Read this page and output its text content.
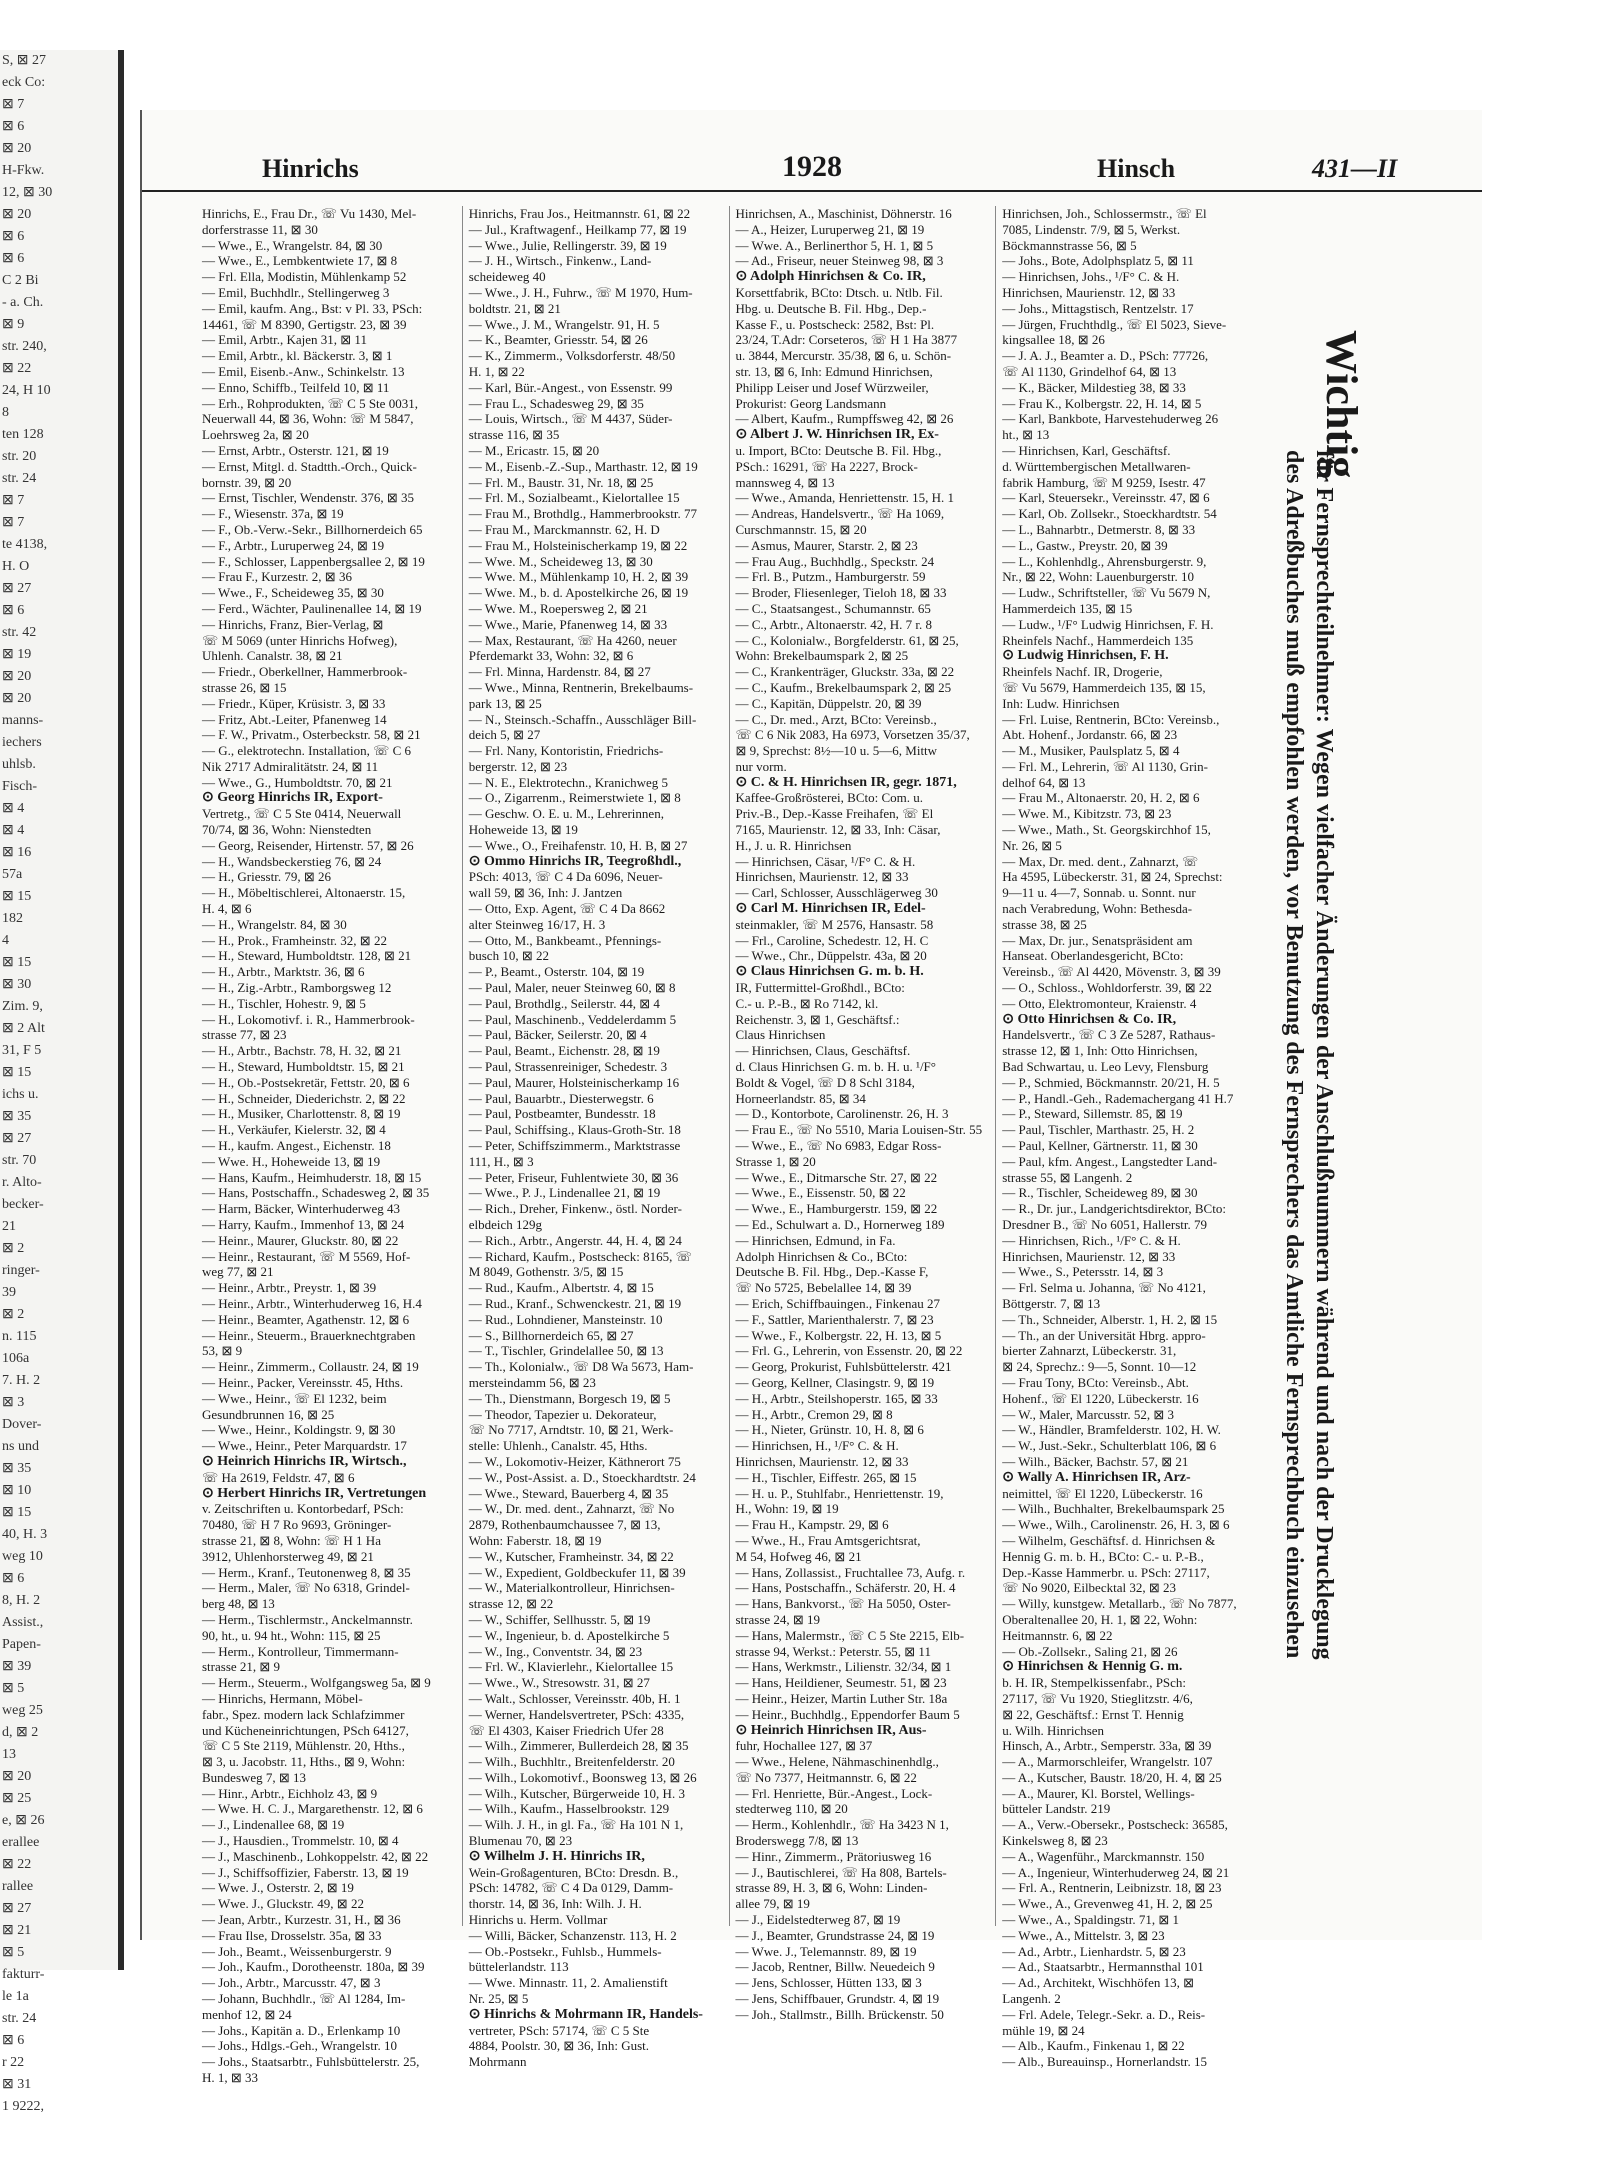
S, ⊠ 27
eck Co:
⊠ 7
⊠ 6
⊠ 20
H-Fkw.
12, ⊠ 30
⊠ 20
⊠ 6
⊠ 6
C 2 Bi
- a. Ch.
⊠ 9
str. 240,
⊠ 22
24, H 10
8
ten 128
str. 20
str. 24
⊠ 7
⊠ 7
te 4138,
H. O
⊠ 27
⊠ 6
str. 42
⊠ 19
⊠ 20
⊠ 20
manns-
iechers
uhlsb.
Fisch-
⊠ 4
⊠ 4
⊠ 16
57a
⊠ 15
182
4
⊠ 15
⊠ 30
Zim. 9,
⊠ 2 Alt
31, F 5
⊠ 15
ichs u.
⊠ 35
⊠ 27
str. 70
r. Alto-
becker-
21
⊠ 2
ringer-
39
⊠ 2
n. 115
106a
7. H. 2
⊠ 3
Dover-
ns und
⊠ 35
⊠ 10
⊠ 15
40, H. 3
weg 10
⊠ 6
8, H. 2
Assist.,
Papen-
⊠ 39
⊠ 5
weg 25
d, ⊠ 2
13
⊠ 20
⊠ 25
e, ⊠ 26
erallee
⊠ 22
rallee
⊠ 27
⊠ 21
⊠ 5
fakturr-
le 1a
str. 24
⊠ 6
r 22
⊠ 31
1 9222,
Hinrichs	1928	Hinsch	431—II
Hinrichs, E., Frau Dr., ☏ Vu 1430, Mel-
dorferstrasse 11, ⊠ 30
— Wwe., E., Wrangelstr. 84, ⊠ 30
— Wwe., E., Lembkentwiete 17, ⊠ 8
— Frl. Ella, Modistin, Mühlenkamp 52
— Emil, Buchhdlr., Stellingerweg 3
— Emil, kaufm. Ang., Bst: v Pl. 33, PSch:
14461, ☏ M 8390, Gertigstr. 23, ⊠ 39
— Emil, Arbtr., Kajen 31, ⊠ 11
— Emil, Arbtr., kl. Bäckerstr. 3, ⊠ 1
— Emil, Eisenb.-Anw., Schinkelstr. 13
— Enno, Schiffb., Teilfeld 10, ⊠ 11
— Erh., Rohprodukten, ☏ C 5 Ste 0031,
Neuerwall 44, ⊠ 36, Wohn: ☏ M 5847,
Loehrsweg 2a, ⊠ 20
— Ernst, Arbtr., Osterstr. 121, ⊠ 19
— Ernst, Mitgl. d. Stadtth.-Orch., Quick-
bornstr. 39, ⊠ 20
— Ernst, Tischler, Wendenstr. 376, ⊠ 35
— F., Wiesenstr. 37a, ⊠ 19
— F., Ob.-Verw.-Sekr., Billhornerdeich 65
— F., Arbtr., Luruperweg 24, ⊠ 19
— F., Schlosser, Lappenbergsallee 2, ⊠ 19
— Frau F., Kurzestr. 2, ⊠ 36
— Wwe., F., Scheideweg 35, ⊠ 30
— Ferd., Wächter, Paulinenallee 14, ⊠ 19
— Hinrichs, Franz, Bier-Verlag, ⊠
☏ M 5069 (unter Hinrichs Hofweg),
Uhlenh. Canalstr. 38, ⊠ 21
— Friedr., Oberkellner, Hammerbrook-
strasse 26, ⊠ 15
— Friedr., Küper, Krüsistr. 3, ⊠ 33
— Fritz, Abt.-Leiter, Pfanenweg 14
— F. W., Privatm., Osterbeckstr. 58, ⊠ 21
— G., elektrotechn. Installation, ☏ C 6
Nik 2717 Admiralitätstr. 24, ⊠ 11
— Wwe., G., Humboldtstr. 70, ⊠ 21
⊙ Georg Hinrichs IR, Export-
Vertretg., ☏ C 5 Ste 0414, Neuerwall
70/74, ⊠ 36, Wohn: Nienstedten
— Georg, Reisender, Hirtenstr. 57, ⊠ 26
— H., Wandsbeckerstieg 76, ⊠ 24
— H., Griesstr. 79, ⊠ 26
— H., Möbeltischlerei, Altonaerstr. 15,
H. 4, ⊠ 6
— H., Wrangelstr. 84, ⊠ 30
— H., Prok., Framheinstr. 32, ⊠ 22
— H., Steward, Humboldtstr. 128, ⊠ 21
— H., Arbtr., Marktstr. 36, ⊠ 6
— H., Zig.-Arbtr., Ramborgsweg 12
— H., Tischler, Hohestr. 9, ⊠ 5
— H., Lokomotivf. i. R., Hammerbrook-
strasse 77, ⊠ 23
— H., Arbtr., Bachstr. 78, H. 32, ⊠ 21
— H., Steward, Humboldtstr. 15, ⊠ 21
— H., Ob.-Postsekretär, Fettstr. 20, ⊠ 6
— H., Schneider, Diederichstr. 2, ⊠ 22
— H., Musiker, Charlottenstr. 8, ⊠ 19
— H., Verkäufer, Kielerstr. 32, ⊠ 4
— H., kaufm. Angest., Eichenstr. 18
— Wwe. H., Hoheweide 13, ⊠ 19
— Hans, Kaufm., Heimhuderstr. 18, ⊠ 15
— Hans, Postschaffn., Schadesweg 2, ⊠ 35
— Harm, Bäcker, Winterhuderweg 43
— Harry, Kaufm., Immenhof 13, ⊠ 24
— Heinr., Maurer, Gluckstr. 80, ⊠ 22
— Heinr., Restaurant, ☏ M 5569, Hof-
weg 77, ⊠ 21
— Heinr., Arbtr., Preystr. 1, ⊠ 39
— Heinr., Arbtr., Winterhuderweg 16, H.4
— Heinr., Beamter, Agathenstr. 12, ⊠ 6
— Heinr., Steuerm., Brauerknechtgraben
53, ⊠ 9
— Heinr., Zimmerm., Collaustr. 24, ⊠ 19
— Heinr., Packer, Vereinsstr. 45, Hths.
— Wwe., Heinr., ☏ El 1232, beim
Gesundbrunnen 16, ⊠ 25
— Wwe., Heinr., Koldingstr. 9, ⊠ 30
— Wwe., Heinr., Peter Marquardstr. 17
⊙ Heinrich Hinrichs IR, Wirtsch.,
☏ Ha 2619, Feldstr. 47, ⊠ 6
⊙ Herbert Hinrichs IR, Vertretungen
v. Zeitschriften u. Kontorbedarf, PSch:
70480, ☏ H 7 Ro 9693, Gröninger-
strasse 21, ⊠ 8, Wohn: ☏ H 1 Ha
3912, Uhlenhorsterweg 49, ⊠ 21
— Herm., Kranf., Teutonenweg 8, ⊠ 35
— Herm., Maler, ☏ No 6318, Grindel-
berg 48, ⊠ 13
— Herm., Tischlermstr., Anckelmannstr.
90, ht., u. 94 ht., Wohn: 115, ⊠ 25
— Herm., Kontrolleur, Timmermann-
strasse 21, ⊠ 9
— Herm., Steuerm., Wolfgangsweg 5a, ⊠ 9
— Hinrichs, Hermann, Möbel-
fabr., Spez. modern lack Schlafzimmer
und Kücheneinrichtungen, PSch 64127,
☏ C 5 Ste 2119, Mühlenstr. 20, Hths.,
⊠ 3, u. Jacobstr. 11, Hths., ⊠ 9, Wohn:
Bundesweg 7, ⊠ 13
— Hinr., Arbtr., Eichholz 43, ⊠ 9
— Wwe. H. C. J., Margarethenstr. 12, ⊠ 6
— J., Lindenallee 68, ⊠ 19
— J., Hausdien., Trommelstr. 10, ⊠ 4
— J., Maschinenb., Lohkoppelstr. 42, ⊠ 22
— J., Schiffsoffizier, Faberstr. 13, ⊠ 19
— Wwe. J., Osterstr. 2, ⊠ 19
— Wwe. J., Gluckstr. 49, ⊠ 22
— Jean, Arbtr., Kurzestr. 31, H., ⊠ 36
— Frau Ilse, Drosselstr. 35a, ⊠ 33
— Joh., Beamt., Weissenburgerstr. 9
— Joh., Kaufm., Dorotheenstr. 180a, ⊠ 39
— Joh., Arbtr., Marcusstr. 47, ⊠ 3
— Johann, Buchhdlr., ☏ Al 1284, Im-
menhof 12, ⊠ 24
— Johs., Kapitän a. D., Erlenkamp 10
— Johs., Hdlgs.-Geh., Wrangelstr. 10
— Johs., Staatsarbtr., Fuhlsbüttelerstr. 25,
H. 1, ⊠ 33
Hinrichs, Frau Jos., Heitmannstr. 61, ⊠ 22
— Jul., Kraftwagenf., Heilkamp 77, ⊠ 19
— Wwe., Julie, Rellingerstr. 39, ⊠ 19
— J. H., Wirtsch., Finkenw., Land-
scheideweg 40
— Wwe., J. H., Fuhrw., ☏ M 1970, Hum-
boldtstr. 21, ⊠ 21
— Wwe., J. M., Wrangelstr. 91, H. 5
— K., Beamter, Griesstr. 54, ⊠ 26
— K., Zimmerm., Volksdorferstr. 48/50
H. 1, ⊠ 22
— Karl, Bür.-Angest., von Essenstr. 99
— Frau L., Schadesweg 29, ⊠ 35
— Louis, Wirtsch., ☏ M 4437, Süder-
strasse 116, ⊠ 35
— M., Ericastr. 15, ⊠ 20
— M., Eisenb.-Z.-Sup., Marthastr. 12, ⊠ 19
— Frl. M., Baustr. 31, Nr. 18, ⊠ 25
— Frl. M., Sozialbeamt., Kielortallee 15
— Frau M., Brothdlg., Hammerbrookstr. 77
— Frau M., Marckmannstr. 62, H. D
— Frau M., Holsteinischerkamp 19, ⊠ 22
— Wwe. M., Scheideweg 13, ⊠ 30
— Wwe. M., Mühlenkamp 10, H. 2, ⊠ 39
— Wwe. M., b. d. Apostelkirche 26, ⊠ 19
— Wwe. M., Roepersweg 2, ⊠ 21
— Wwe., Marie, Pfanenweg 14, ⊠ 33
— Max, Restaurant, ☏ Ha 4260, neuer
Pferdemarkt 33, Wohn: 32, ⊠ 6
— Frl. Minna, Hardenstr. 84, ⊠ 27
— Wwe., Minna, Rentnerin, Brekelbaums-
park 13, ⊠ 25
— N., Steinsch.-Schaffn., Ausschläger Bill-
deich 5, ⊠ 27
— Frl. Nany, Kontoristin, Friedrichs-
bergerstr. 12, ⊠ 23
— N. E., Elektrotechn., Kranichweg 5
— O., Zigarrenm., Reimerstwiete 1, ⊠ 8
— Geschw. O. E. u. M., Lehrerinnen,
Hoheweide 13, ⊠ 19
— Wwe., O., Freihafenstr. 10, H. B, ⊠ 27
⊙ Ommo Hinrichs IR, Teegroßhdl.,
PSch: 4013, ☏ C 4 Da 6096, Neuer-
wall 59, ⊠ 36, Inh: J. Jantzen
— Otto, Exp. Agent, ☏ C 4 Da 8662
alter Steinweg 16/17, H. 3
— Otto, M., Bankbeamt., Pfennings-
busch 10, ⊠ 22
— P., Beamt., Osterstr. 104, ⊠ 19
— Paul, Maler, neuer Steinweg 60, ⊠ 8
— Paul, Brothdlg., Seilerstr. 44, ⊠ 4
— Paul, Maschinenb., Veddelerdamm 5
— Paul, Bäcker, Seilerstr. 20, ⊠ 4
— Paul, Beamt., Eichenstr. 28, ⊠ 19
— Paul, Strassenreiniger, Schedestr. 3
— Paul, Maurer, Holsteinischerkamp 16
— Paul, Bauarbtr., Diesterwegstr. 6
— Paul, Postbeamter, Bundesstr. 18
— Paul, Schiffsing., Klaus-Groth-Str. 18
— Peter, Schiffszimmerm., Marktstrasse
111, H., ⊠ 3
— Peter, Friseur, Fuhlentwiete 30, ⊠ 36
— Wwe., P. J., Lindenallee 21, ⊠ 19
— Rich., Dreher, Finkenw., östl. Norder-
elbdeich 129g
— Rich., Arbtr., Angerstr. 44, H. 4, ⊠ 24
— Richard, Kaufm., Postscheck: 8165, ☏
M 8049, Gothenstr. 3/5, ⊠ 15
— Rud., Kaufm., Albertstr. 4, ⊠ 15
— Rud., Kranf., Schwenckestr. 21, ⊠ 19
— Rud., Lohndiener, Mansteinstr. 10
— S., Billhornerdeich 65, ⊠ 27
— T., Tischler, Grindelallee 50, ⊠ 13
— Th., Kolonialw., ☏ D8 Wa 5673, Ham-
mersteindamm 56, ⊠ 23
— Th., Dienstmann, Borgesch 19, ⊠ 5
— Theodor, Tapezier u. Dekorateur,
☏ No 7717, Arndtstr. 10, ⊠ 21, Werk-
stelle: Uhlenh., Canalstr. 45, Hths.
— W., Lokomotiv-Heizer, Käthnerort 75
— W., Post-Assist. a. D., Stoeckhardtstr. 24
— Wwe., Steward, Bauerberg 4, ⊠ 35
— W., Dr. med. dent., Zahnarzt, ☏ No
2879, Rothenbaumchaussee 7, ⊠ 13,
Wohn: Faberstr. 18, ⊠ 19
— W., Kutscher, Framheinstr. 34, ⊠ 22
— W., Expedient, Goldbeckufer 11, ⊠ 39
— W., Materialkontrolleur, Hinrichsen-
strasse 12, ⊠ 22
— W., Schiffer, Sellhusstr. 5, ⊠ 19
— W., Ingenieur, b. d. Apostelkirche 5
— W., Ing., Conventstr. 34, ⊠ 23
— Frl. W., Klavierlehr., Kielortallee 15
— Wwe., W., Stresowstr. 31, ⊠ 27
— Walt., Schlosser, Vereinsstr. 40b, H. 1
— Werner, Handelsvertreter, PSch: 4335,
☏ El 4303, Kaiser Friedrich Ufer 28
— Wilh., Zimmerer, Bullerdeich 28, ⊠ 35
— Wilh., Buchhltr., Breitenfelderstr. 20
— Wilh., Lokomotivf., Boonsweg 13, ⊠ 26
— Wilh., Kutscher, Bürgerweide 10, H. 3
— Wilh., Kaufm., Hasselbrookstr. 129
— Wilh. J. H., in gl. Fa., ☏ Ha 101 N 1,
Blumenau 70, ⊠ 23
⊙ Wilhelm J. H. Hinrichs IR,
Wein-Großagenturen, BCto: Dresdn. B.,
PSch: 14782, ☏ C 4 Da 0129, Damm-
thorstr. 14, ⊠ 36, Inh: Wilh. J. H.
Hinrichs u. Herm. Vollmar
— Willi, Bäcker, Schanzenstr. 113, H. 2
— Ob.-Postsekr., Fuhlsb., Hummels-
büttelerlandstr. 113
— Wwe. Minnastr. 11, 2. Amalienstift
Nr. 25, ⊠ 5
⊙ Hinrichs & Mohrmann IR, Handels-
vertreter, PSch: 57174, ☏ C 5 Ste
4884, Poolstr. 30, ⊠ 36, Inh: Gust.
Mohrmann
Hinrichsen, A., Maschinist, Döhnerstr. 16
— A., Heizer, Luruperweg 21, ⊠ 19
— Wwe. A., Berlinerthor 5, H. 1, ⊠ 5
— Ad., Friseur, neuer Steinweg 98, ⊠ 3
⊙ Adolph Hinrichsen & Co. IR,
Korsettfabrik, BCto: Dtsch. u. Ntlb. Fil.
Hbg. u. Deutsche B. Fil. Hbg., Dep.-
Kasse F., u. Postscheck: 2582, Bst: Pl.
23/24, T.Adr: Corseteros, ☏ H 1 Ha 3877
u. 3844, Mercurstr. 35/38, ⊠ 6, u. Schön-
str. 13, ⊠ 6, Inh: Edmund Hinrichsen,
Philipp Leiser und Josef Würzweiler,
Prokurist: Georg Landsmann
— Albert, Kaufm., Rumpffsweg 42, ⊠ 26
⊙ Albert J. W. Hinrichsen IR, Ex-
u. Import, BCto: Deutsche B. Fil. Hbg.,
PSch.: 16291, ☏ Ha 2227, Brock-
mannsweg 4, ⊠ 13
— Wwe., Amanda, Henriettenstr. 15, H. 1
— Andreas, Handelsvertr., ☏ Ha 1069,
Curschmannstr. 15, ⊠ 20
— Asmus, Maurer, Starstr. 2, ⊠ 23
— Frau Aug., Buchhdlg., Speckstr. 24
— Frl. B., Putzm., Hamburgerstr. 59
— Broder, Fliesenleger, Tieloh 18, ⊠ 33
— C., Staatsangest., Schumannstr. 65
— C., Arbtr., Altonaerstr. 42, H. 7 r. 8
— C., Kolonialw., Borgfelderstr. 61, ⊠ 25,
Wohn: Brekelbaumspark 2, ⊠ 25
— C., Krankenträger, Gluckstr. 33a, ⊠ 22
— C., Kaufm., Brekelbaumspark 2, ⊠ 25
— C., Kapitän, Düppelstr. 20, ⊠ 39
— C., Dr. med., Arzt, BCto: Vereinsb.,
☏ C 6 Nik 2083, Ha 6973, Vorsetzen 35/37,
⊠ 9, Sprechst: 8½—10 u. 5—6, Mittw
nur vorm.
⊙ C. & H. Hinrichsen IR, gegr. 1871,
Kaffee-Großrösterei, BCto: Com. u.
Priv.-B., Dep.-Kasse Freihafen, ☏ El
7165, Maurienstr. 12, ⊠ 33, Inh: Cäsar,
H., J. u. R. Hinrichsen
— Hinrichsen, Cäsar, ¹/F° C. & H.
Hinrichsen, Maurienstr. 12, ⊠ 33
— Carl, Schlosser, Ausschlägerweg 30
⊙ Carl M. Hinrichsen IR, Edel-
steinmakler, ☏ M 2576, Hansastr. 58
— Frl., Caroline, Schedestr. 12, H. C
— Wwe., Chr., Düppelstr. 43a, ⊠ 20
⊙ Claus Hinrichsen G. m. b. H.
IR, Futtermittel-Großhdl., BCto:
C.- u. P.-B., ⊠ Ro 7142, kl.
Reichenstr. 3, ⊠ 1, Geschäftsf.:
Claus Hinrichsen
— Hinrichsen, Claus, Geschäftsf.
d. Claus Hinrichsen G. m. b. H. u. ¹/F°
Boldt & Vogel, ☏ D 8 Schl 3184,
Horneerlandstr. 85, ⊠ 34
— D., Kontorbote, Carolinenstr. 26, H. 3
— Frau E., ☏ No 5510, Maria Louisen-Str. 55
— Wwe., E., ☏ No 6983, Edgar Ross-
Strasse 1, ⊠ 20
— Wwe., E., Ditmarsche Str. 27, ⊠ 22
— Wwe., E., Eissenstr. 50, ⊠ 22
— Wwe., E., Hamburgerstr. 159, ⊠ 22
— Ed., Schulwart a. D., Hornerweg 189
— Hinrichsen, Edmund, in Fa.
Adolph Hinrichsen & Co., BCto:
Deutsche B. Fil. Hbg., Dep.-Kasse F,
☏ No 5725, Bebelallee 14, ⊠ 39
— Erich, Schiffbauingen., Finkenau 27
— F., Sattler, Marienthalerstr. 7, ⊠ 23
— Wwe., F., Kolbergstr. 22, H. 13, ⊠ 5
— Frl. G., Lehrerin, von Essenstr. 20, ⊠ 22
— Georg, Prokurist, Fuhlsbüttelerstr. 421
— Georg, Kellner, Clasingstr. 9, ⊠ 19
— H., Arbtr., Steilshoperstr. 165, ⊠ 33
— H., Arbtr., Cremon 29, ⊠ 8
— H., Nieter, Grünstr. 10, H. 8, ⊠ 6
— Hinrichsen, H., ¹/F° C. & H.
Hinrichsen, Maurienstr. 12, ⊠ 33
— H., Tischler, Eiffestr. 265, ⊠ 15
— H. u. P., Stuhlfabr., Henriettenstr. 19,
H., Wohn: 19, ⊠ 19
— Frau H., Kampstr. 29, ⊠ 6
— Wwe., H., Frau Amtsgerichtsrat,
M 54, Hofweg 46, ⊠ 21
— Hans, Zollassist., Fruchtallee 73, Aufg. r.
— Hans, Postschaffn., Schäferstr. 20, H. 4
— Hans, Bankvorst., ☏ Ha 5050, Oster-
strasse 24, ⊠ 19
— Hans, Malermstr., ☏ C 5 Ste 2215, Elb-
strasse 94, Werkst.: Peterstr. 55, ⊠ 11
— Hans, Werkmstr., Lilienstr. 32/34, ⊠ 1
— Hans, Heildiener, Seumestr. 51, ⊠ 23
— Heinr., Heizer, Martin Luther Str. 18a
— Heinr., Buchhdlg., Eppendorfer Baum 5
⊙ Heinrich Hinrichsen IR, Aus-
fuhr, Hochallee 127, ⊠ 37
— Wwe., Helene, Nähmaschinenhdlg.,
☏ No 7377, Heitmannstr. 6, ⊠ 22
— Frl. Henriette, Bür.-Angest., Lock-
stedterweg 110, ⊠ 20
— Herm., Kohlenhdlr., ☏ Ha 3423 N 1,
Broderswegg 7/8, ⊠ 13
— Hinr., Zimmerm., Prätoriusweg 16
— J., Bautischlerei, ☏ Ha 808, Bartels-
strasse 89, H. 3, ⊠ 6, Wohn: Linden-
allee 79, ⊠ 19
— J., Eidelstedterweg 87, ⊠ 19
— J., Beamter, Grundstrasse 24, ⊠ 19
— Wwe. J., Telemannstr. 89, ⊠ 19
— Jacob, Rentner, Billw. Neuedeich 9
— Jens, Schlosser, Hütten 133, ⊠ 3
— Jens, Schiffbauer, Grundstr. 4, ⊠ 19
— Joh., Stallmstr., Billh. Brückenstr. 50
Hinrichsen, Joh., Schlossermstr., ☏ El
7085, Lindenstr. 7/9, ⊠ 5, Werkst.
Böckmannstrasse 56, ⊠ 5
— Johs., Bote, Adolphsplatz 5, ⊠ 11
— Hinrichsen, Johs., ¹/F° C. & H.
Hinrichsen, Maurienstr. 12, ⊠ 33
— Johs., Mittagstisch, Rentzelstr. 17
— Jürgen, Fruchthdlg., ☏ El 5023, Sieve-
kingsallee 18, ⊠ 26
— J. A. J., Beamter a. D., PSch: 77726,
☏ Al 1130, Grindelhof 64, ⊠ 13
— K., Bäcker, Mildestieg 38, ⊠ 33
— Frau K., Kolbergstr. 22, H. 14, ⊠ 5
— Karl, Bankbote, Harvestehuderweg 26
ht., ⊠ 13
— Hinrichsen, Karl, Geschäftsf.
d. Württembergischen Metallwaren-
fabrik Hamburg, ☏ M 9259, Isestr. 47
— Karl, Steuersekr., Vereinsstr. 47, ⊠ 6
— Karl, Ob. Zollsekr., Stoeckhardtstr. 54
— L., Bahnarbtr., Detmerstr. 8, ⊠ 33
— L., Gastw., Preystr. 20, ⊠ 39
— L., Kohlenhdlg., Ahrensburgerstr. 9,
Nr., ⊠ 22, Wohn: Lauenburgerstr. 10
— Ludw., Schriftsteller, ☏ Vu 5679 N,
Hammerdeich 135, ⊠ 15
— Ludw., ¹/F° Ludwig Hinrichsen, F. H.
Rheinfels Nachf., Hammerdeich 135
⊙ Ludwig Hinrichsen, F. H.
Rheinfels Nachf. IR, Drogerie,
☏ Vu 5679, Hammerdeich 135, ⊠ 15,
Inh: Ludw. Hinrichsen
— Frl. Luise, Rentnerin, BCto: Vereinsb.,
Abt. Hohenf., Jordanstr. 66, ⊠ 23
— M., Musiker, Paulsplatz 5, ⊠ 4
— Frl. M., Lehrerin, ☏ Al 1130, Grin-
delhof 64, ⊠ 13
— Frau M., Altonaerstr. 20, H. 2, ⊠ 6
— Wwe. M., Kibitzstr. 73, ⊠ 23
— Wwe., Math., St. Georgskirchhof 15,
Nr. 26, ⊠ 5
— Max, Dr. med. dent., Zahnarzt, ☏
Ha 4595, Lübeckerstr. 31, ⊠ 24, Sprechst:
9—11 u. 4—7, Sonnab. u. Sonnt. nur
nach Verabredung, Wohn: Bethesda-
strasse 38, ⊠ 25
— Max, Dr. jur., Senatspräsident am
Hanseat. Oberlandesgericht, BCto:
Vereinsb., ☏ Al 4420, Mövenstr. 3, ⊠ 39
— O., Schloss., Wohldorferstr. 39, ⊠ 22
— Otto, Elektromonteur, Kraienstr. 4
⊙ Otto Hinrichsen & Co. IR,
Handelsvertr., ☏ C 3 Ze 5287, Rathaus-
strasse 12, ⊠ 1, Inh: Otto Hinrichsen,
Bad Schwartau, u. Leo Levy, Flensburg
— P., Schmied, Böckmannstr. 20/21, H. 5
— P., Handl.-Geh., Rademachergang 41 H.7
— P., Steward, Sillemstr. 85, ⊠ 19
— Paul, Tischler, Marthastr. 25, H. 2
— Paul, Kellner, Gärtnerstr. 11, ⊠ 30
— Paul, kfm. Angest., Langstedter Land-
strasse 55, ⊠ Langenh. 2
— R., Tischler, Scheideweg 89, ⊠ 30
— R., Dr. jur., Landgerichtsdirektor, BCto:
Dresdner B., ☏ No 6051, Hallerstr. 79
— Hinrichsen, Rich., ¹/F° C. & H.
Hinrichsen, Maurienstr. 12, ⊠ 33
— Wwe., S., Petersstr. 14, ⊠ 3
— Frl. Selma u. Johanna, ☏ No 4121,
Böttgerstr. 7, ⊠ 13
— Th., Schneider, Alberstr. 1, H. 2, ⊠ 15
— Th., an der Universität Hbrg. appro-
bierter Zahnarzt, Lübeckerstr. 31,
⊠ 24, Sprechz.: 9—5, Sonnt. 10—12
— Frau Tony, BCto: Vereinsb., Abt.
Hohenf., ☏ El 1220, Lübeckerstr. 16
— W., Maler, Marcusstr. 52, ⊠ 3
— W., Händler, Bramfelderstr. 102, H. W.
— W., Just.-Sekr., Schulterblatt 106, ⊠ 6
— Wilh., Bäcker, Bachstr. 57, ⊠ 21
⊙ Wally A. Hinrichsen IR, Arz-
neimittel, ☏ El 1220, Lübeckerstr. 16
— Wilh., Buchhalter, Brekelbaumspark 25
— Wwe., Wilh., Carolinenstr. 26, H. 3, ⊠ 6
— Wilhelm, Geschäftsf. d. Hinrichsen &
Hennig G. m. b. H., BCto: C.- u. P.-B.,
Dep.-Kasse Hammerbr. u. PSch: 27117,
☏ No 9020, Eilbecktal 32, ⊠ 23
— Willy, kunstgew. Metallarb., ☏ No 7877,
Oberaltenallee 20, H. 1, ⊠ 22, Wohn:
Heitmannstr. 6, ⊠ 22
— Ob.-Zollsekr., Saling 21, ⊠ 26
⊙ Hinrichsen & Hennig G. m.
b. H. IR, Stempelkissenfabr., PSch:
27117, ☏ Vu 1920, Stieglitzstr. 4/6,
⊠ 22, Geschäftsf.: Ernst T. Hennig
u. Wilh. Hinrichsen
Hinsch, A., Arbtr., Semperstr. 33a, ⊠ 39
— A., Marmorschleifer, Wrangelstr. 107
— A., Kutscher, Baustr. 18/20, H. 4, ⊠ 25
— A., Maurer, Kl. Borstel, Wellings-
bütteler Landstr. 219
— A., Verw.-Obersekr., Postscheck: 36585,
Kinkelsweg 8, ⊠ 23
— A., Wagenführ., Marckmannstr. 150
— A., Ingenieur, Winterhuderweg 24, ⊠ 21
— Frl. A., Rentnerin, Leibnizstr. 18, ⊠ 23
— Wwe., A., Grevenweg 41, H. 2, ⊠ 25
— Wwe., A., Spaldingstr. 71, ⊠ 1
— Wwe., A., Mittelstr. 3, ⊠ 23
— Ad., Arbtr., Lienhardstr. 5, ⊠ 23
— Ad., Staatsarbtr., Hermannsthal 101
— Ad., Architekt, Wischhöfen 13, ⊠
Langenh. 2
— Frl. Adele, Telegr.-Sekr. a. D., Reis-
mühle 19, ⊠ 24
— Alb., Kaufm., Finkenau 1, ⊠ 22
— Alb., Bureauinsp., Hornerlandstr. 15
Wichtig
für Fernsprechteilnehmer: Wegen vielfacher Änderungen der Anschlußnummern während und nach der Drucklegung
des Adreßbuches muß empfohlen werden, vor Benutzung des Fernsprechers das Amtliche Fernsprechbuch einzusehen
